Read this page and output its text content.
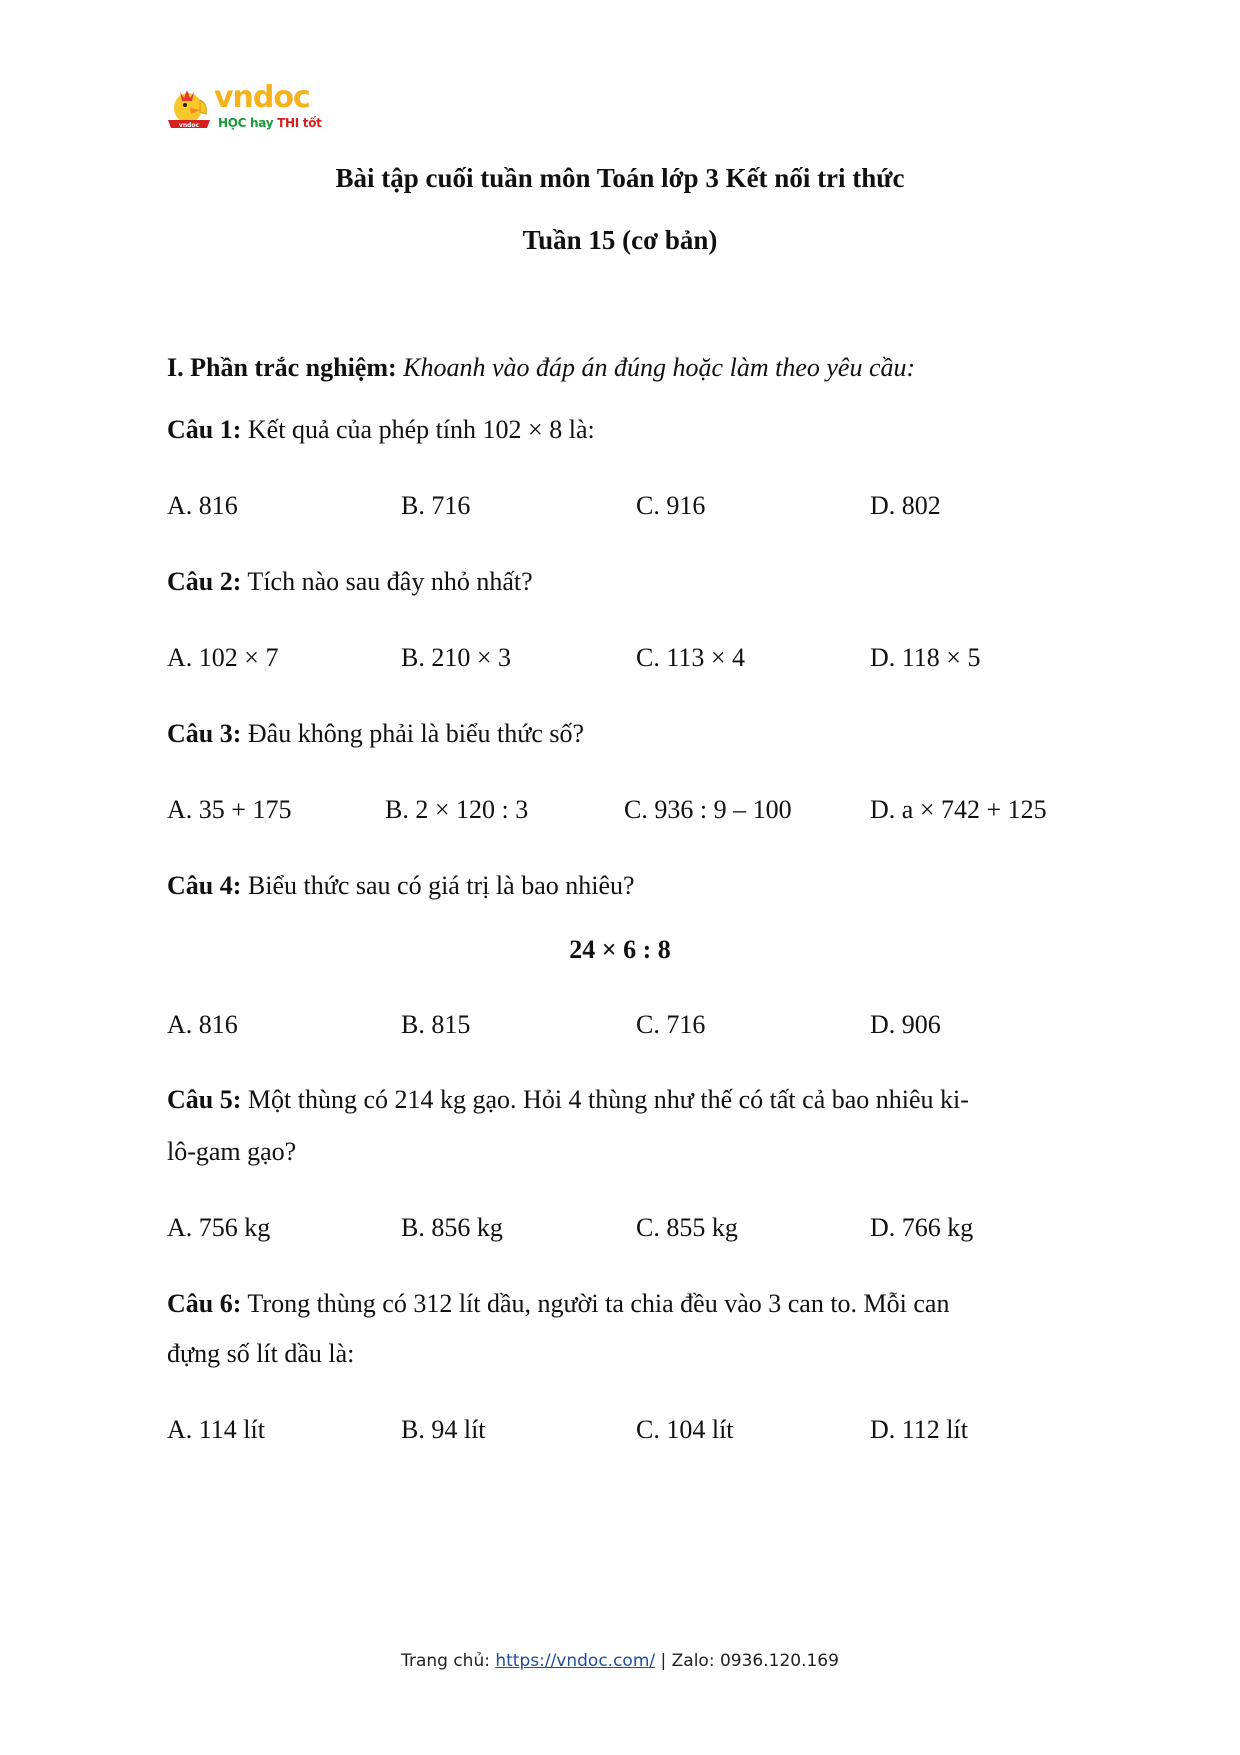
vndoc
vndoc
HỌC hay THI tốt
Bài tập cuối tuần môn Toán lớp 3 Kết nối tri thức
Tuần 15 (cơ bản)
I. Phần trắc nghiệm: Khoanh vào đáp án đúng hoặc làm theo yêu cầu:
Câu 1: Kết quả của phép tính 102 × 8 là:
A. 816	B. 716	C. 916	D. 802
Câu 2: Tích nào sau đây nhỏ nhất?
A. 102 × 7	B. 210 × 3	C. 113 × 4	D. 118 × 5
Câu 3: Đâu không phải là biểu thức số?
A. 35 + 175	B. 2 × 120 : 3	C. 936 : 9 – 100	D. a × 742 + 125
Câu 4: Biểu thức sau có giá trị là bao nhiêu?
24 × 6 : 8
A. 816	B. 815	C. 716	D. 906
Câu 5: Một thùng có 214 kg gạo. Hỏi 4 thùng như thế có tất cả bao nhiêu ki-
lô-gam gạo?
A. 756 kg	B. 856 kg	C. 855 kg	D. 766 kg
Câu 6: Trong thùng có 312 lít dầu, người ta chia đều vào 3 can to. Mỗi can
đựng số lít dầu là:
A. 114 lít	B. 94 lít	C. 104 lít	D. 112 lít
Trang chủ: https://vndoc.com/ | Zalo: 0936.120.169
